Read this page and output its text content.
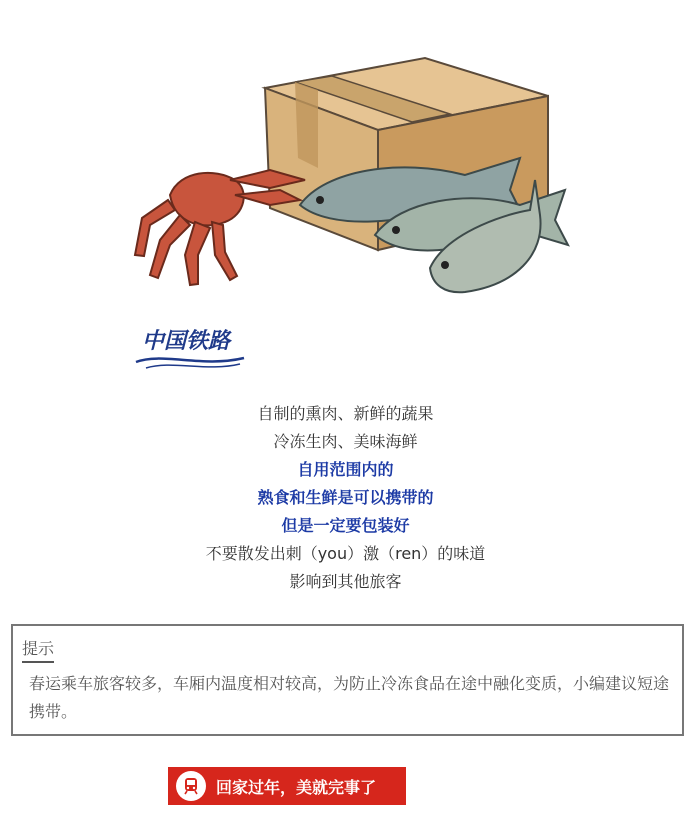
中国铁路
自制的熏肉、新鲜的蔬果
冷冻生肉、美味海鲜
自用范围内的
熟食和生鲜是可以携带的
但是一定要包装好
不要散发出刺（you）激（ren）的味道
影响到其他旅客
提示
春运乘车旅客较多，车厢内温度相对较高，为防止冷冻食品在途中融化变质，小编建议短途携带。
回家过年，美就完事了
